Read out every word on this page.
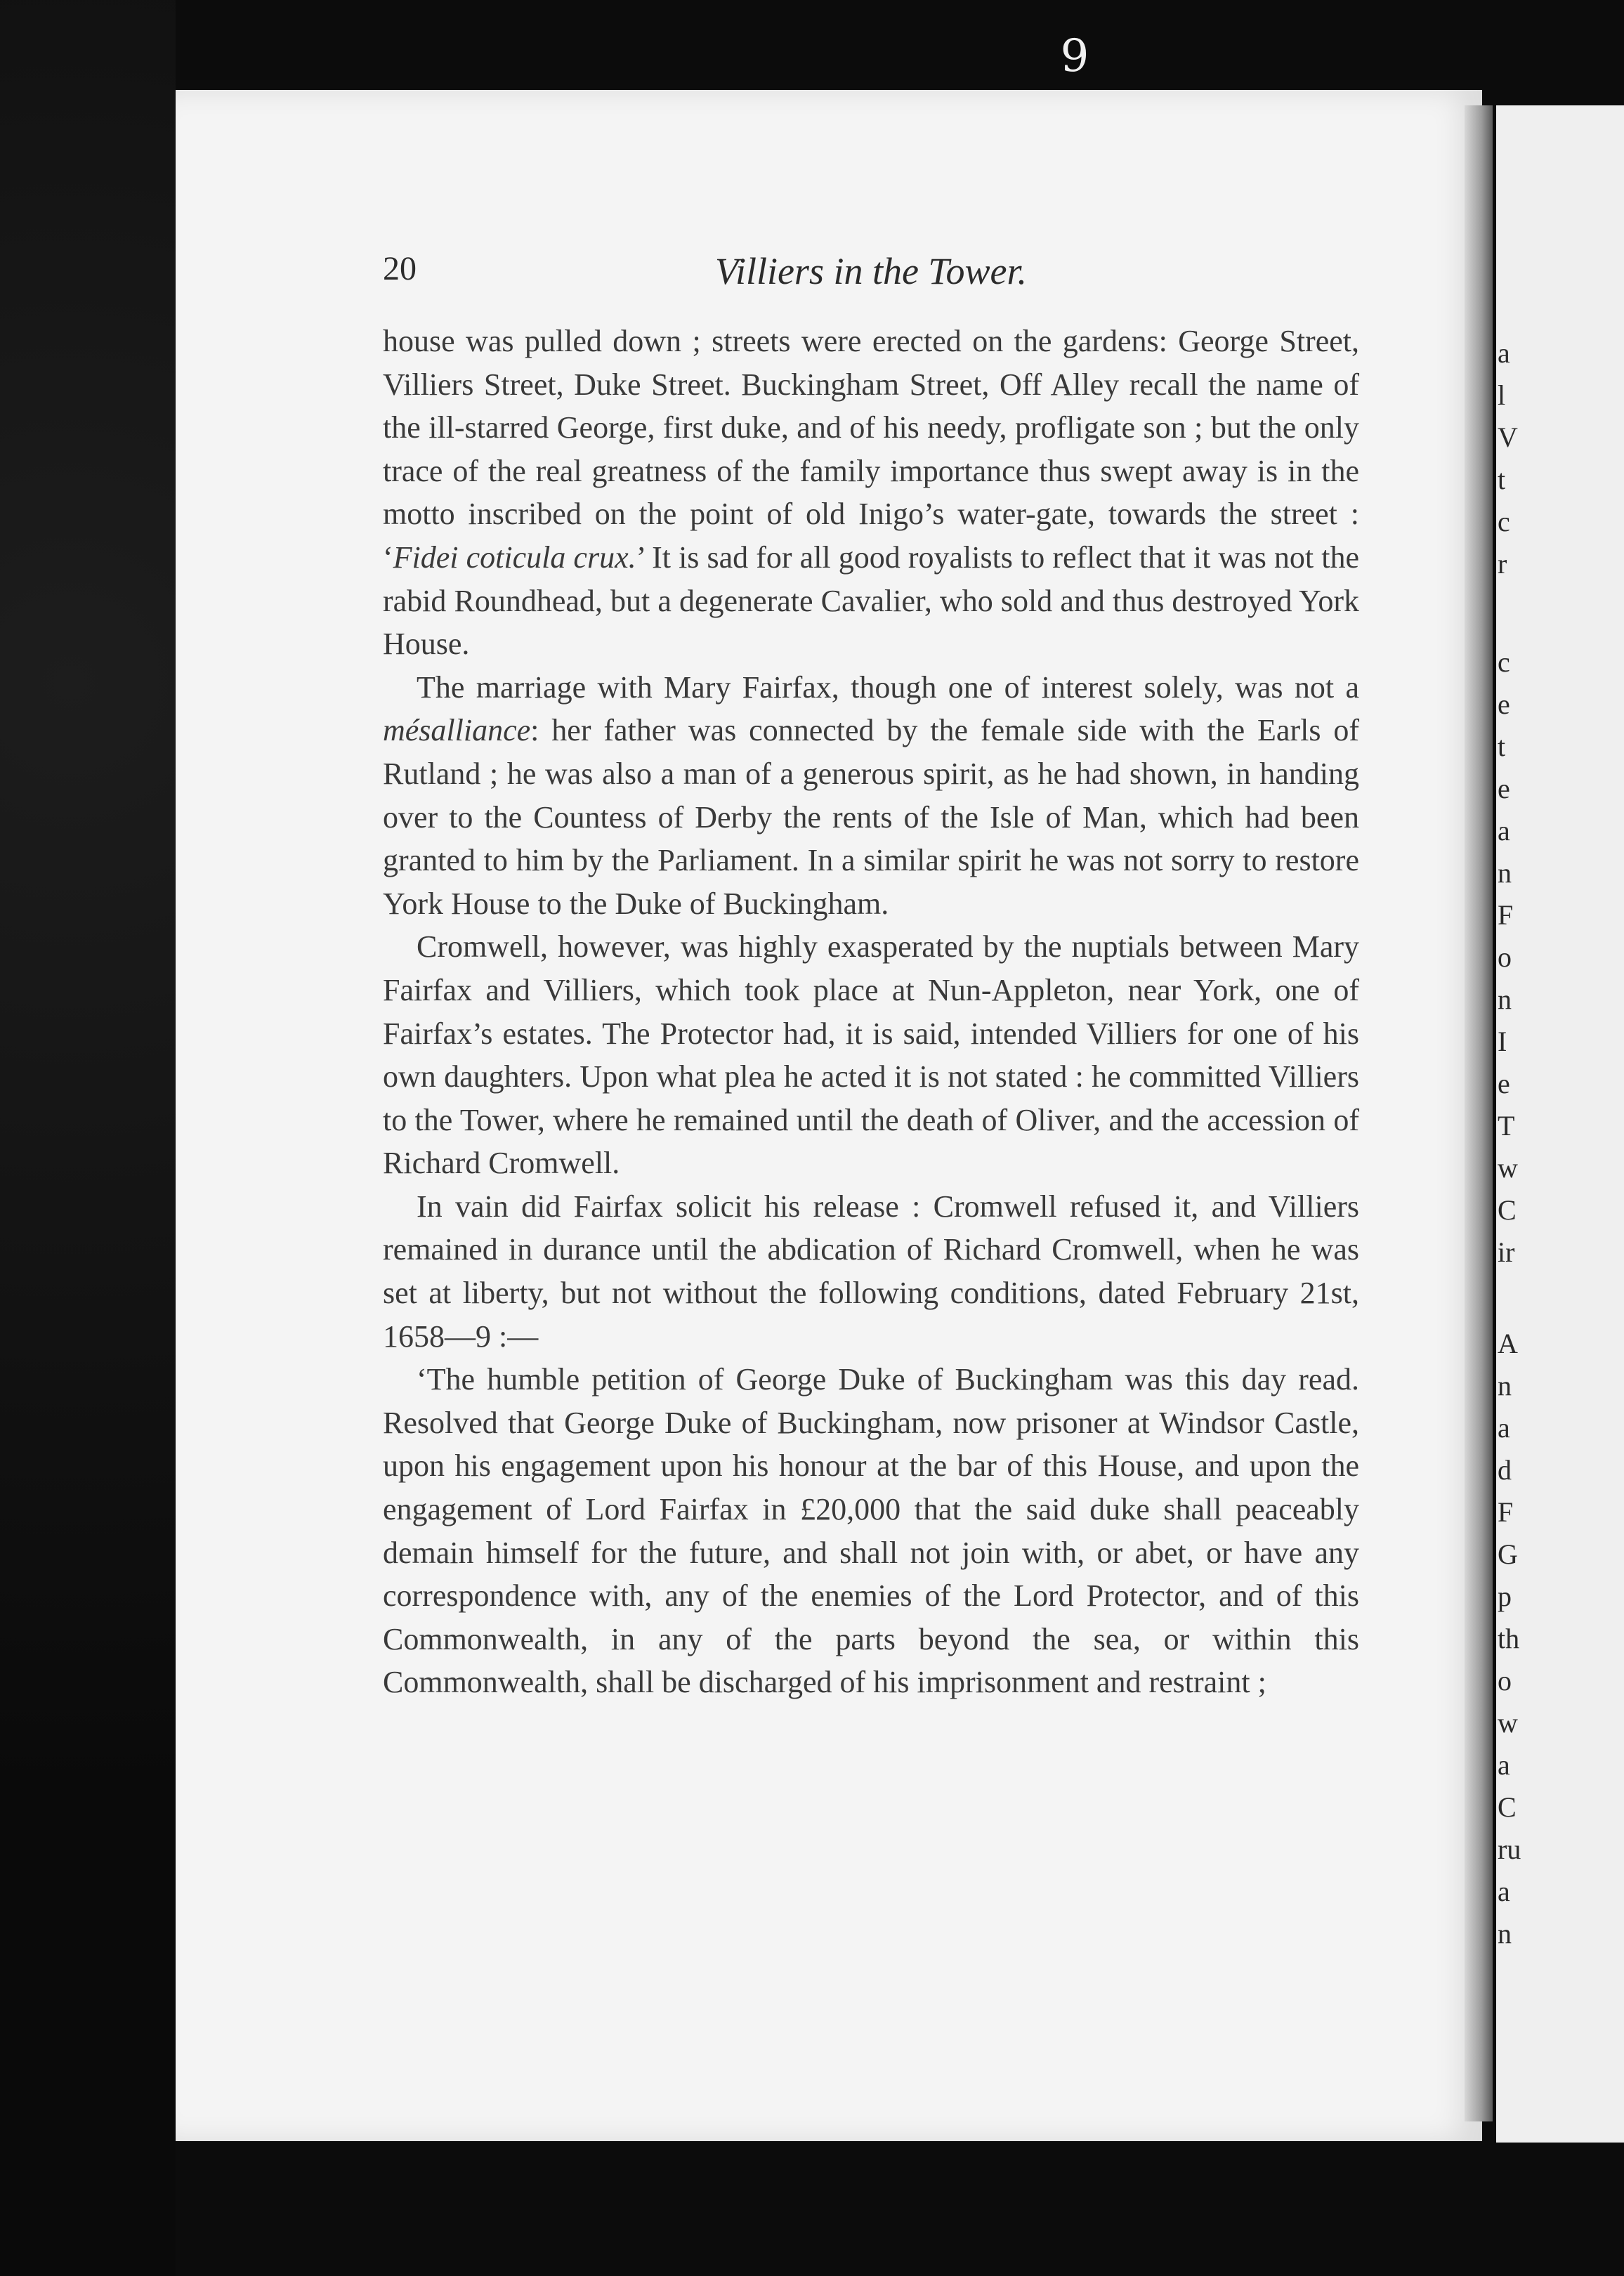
9
a
l
V
t
c
r
c
e
t
e
a
n
F
o
n
I
e
T
w
C
ir
A
n
a
d
F
G
p
th
o
w
a
C
ru
a
n
20	Villiers in the Tower.

house was pulled down ; streets were erected on the gardens: George Street, Villiers Street, Duke Street. Buckingham Street, Off Alley recall the name of the ill-starred George, first duke, and of his needy, profligate son ; but the only trace of the real greatness of the family importance thus swept away is in the motto inscribed on the point of old Inigo’s water-gate, towards the street : ‘Fidei coticula crux.’ It is sad for all good royalists to reflect that it was not the rabid Roundhead, but a degenerate Cavalier, who sold and thus destroyed York House.

The marriage with Mary Fairfax, though one of interest solely, was not a mésalliance: her father was connected by the female side with the Earls of Rutland ; he was also a man of a generous spirit, as he had shown, in handing over to the Countess of Derby the rents of the Isle of Man, which had been granted to him by the Parliament. In a similar spirit he was not sorry to restore York House to the Duke of Buckingham.

Cromwell, however, was highly exasperated by the nuptials between Mary Fairfax and Villiers, which took place at Nun-Appleton, near York, one of Fairfax’s estates. The Protector had, it is said, intended Villiers for one of his own daughters. Upon what plea he acted it is not stated : he committed Villiers to the Tower, where he remained until the death of Oliver, and the accession of Richard Cromwell.

In vain did Fairfax solicit his release : Cromwell refused it, and Villiers remained in durance until the abdication of Richard Cromwell, when he was set at liberty, but not without the following conditions, dated February 21st, 1658—9 :—

‘The humble petition of George Duke of Buckingham was this day read. Resolved that George Duke of Buckingham, now prisoner at Windsor Castle, upon his engagement upon his honour at the bar of this House, and upon the engagement of Lord Fairfax in £20,000 that the said duke shall peaceably demain himself for the future, and shall not join with, or abet, or have any correspondence with, any of the enemies of the Lord Protector, and of this Commonwealth, in any of the parts beyond the sea, or within this Commonwealth, shall be discharged of his imprisonment and restraint ;
